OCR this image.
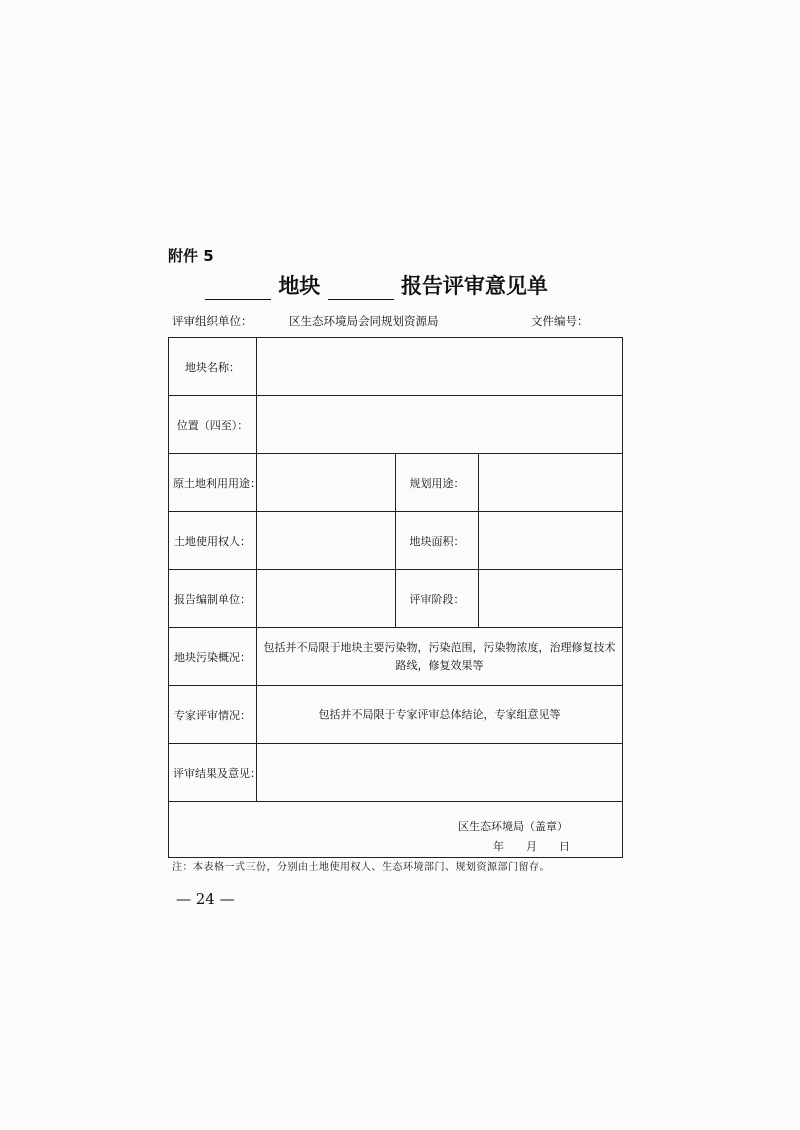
附件 5
地块	报告评审意见单
评审组织单位：	区生态环境局会同规划资源局	文件编号：
地块名称：			
位置（四至）：			
原土地利用用途：		规划用途：	
土地使用权人：		地块面积：	
报告编制单位：		评审阶段：	
地块污染概况：	包括并不局限于地块主要污染物，污染范围，污染物浓度，治理修复技术路线，修复效果等		
专家评审情况：	包括并不局限于专家评审总体结论，专家组意见等		
评审结果及意见：			

区生态环境局（盖章）
年　　月　　日			
注：本表格一式三份，分别由土地使用权人、生态环境部门、规划资源部门留存。
— 24 —
